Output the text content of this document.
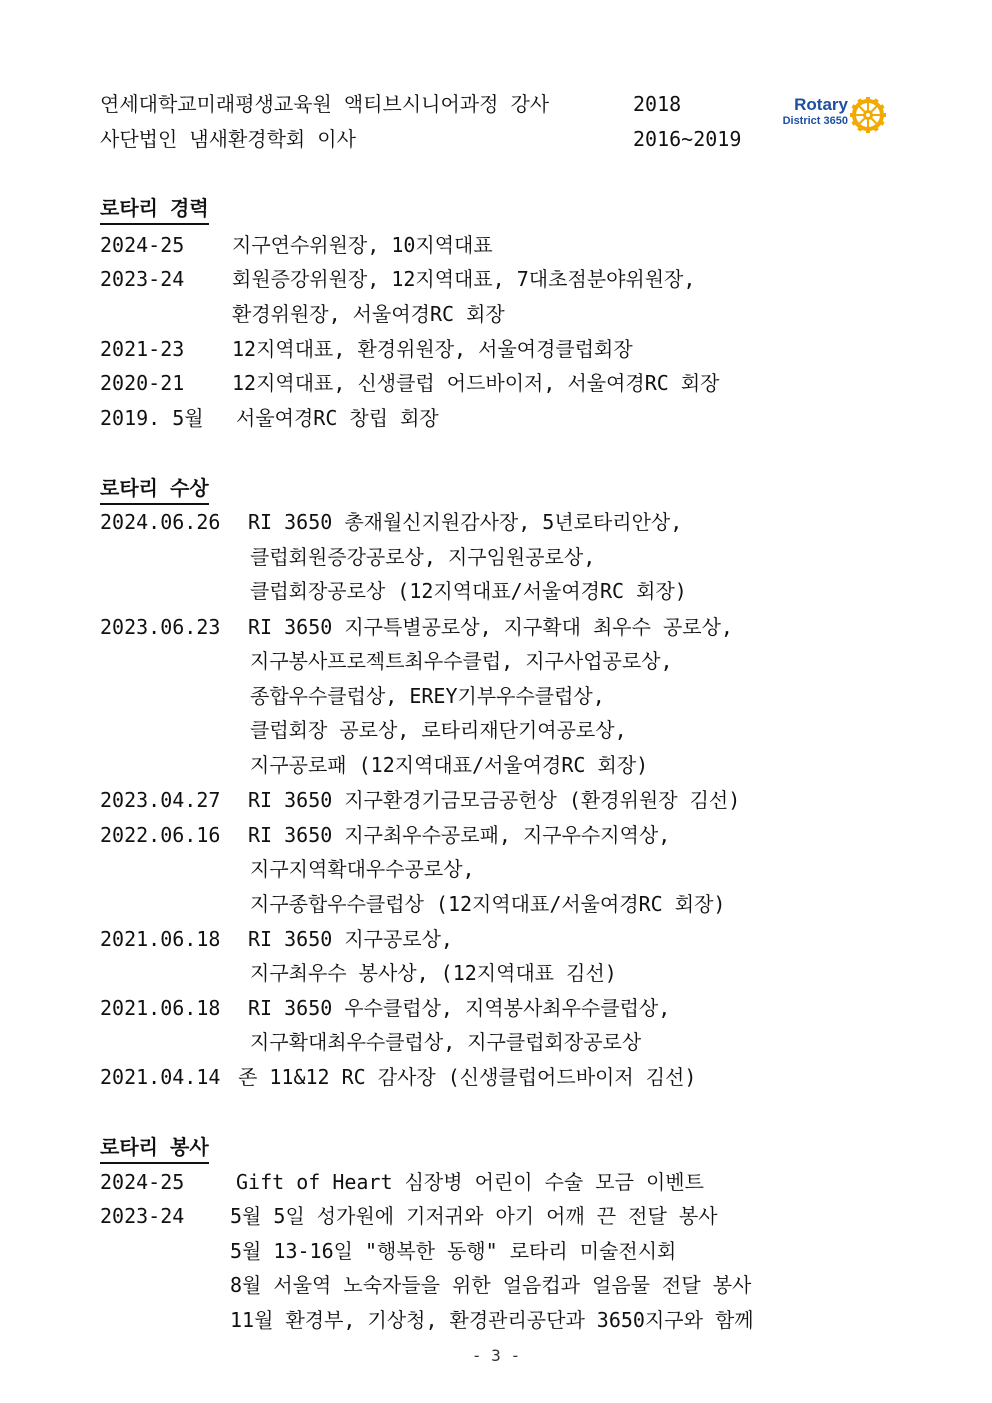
연세대학교미래평생교육원 액티브시니어과정 강사	2018
사단법인 냄새환경학회 이사	2016~2019
Rotary
District 3650
로타리 경력
2024-25 지구연수위원장, 10지역대표
2023-24 회원증강위원장, 12지역대표, 7대초점분야위원장,
환경위원장, 서울여경RC 회장
2021-23 12지역대표, 환경위원장, 서울여경클럽회장
2020-21 12지역대표, 신생클럽 어드바이저, 서울여경RC 회장
2019. 5월 서울여경RC 창립 회장
로타리 수상
2024.06.26 RI 3650 총재월신지원감사장, 5년로타리안상,
클럽회원증강공로상, 지구임원공로상,
클럽회장공로상 (12지역대표/서울여경RC 회장)
2023.06.23 RI 3650 지구특별공로상, 지구확대 최우수 공로상,
지구봉사프로젝트최우수클럽, 지구사업공로상,
종합우수클럽상, EREY기부우수클럽상,
클럽회장 공로상, 로타리재단기여공로상,
지구공로패 (12지역대표/서울여경RC 회장)
2023.04.27 RI 3650 지구환경기금모금공헌상 (환경위원장 김선)
2022.06.16 RI 3650 지구최우수공로패, 지구우수지역상,
지구지역확대우수공로상,
지구종합우수클럽상 (12지역대표/서울여경RC 회장)
2021.06.18 RI 3650 지구공로상,
지구최우수 봉사상, (12지역대표 김선)
2021.06.18 RI 3650 우수클럽상, 지역봉사최우수클럽상,
지구확대최우수클럽상, 지구클럽회장공로상
2021.04.14 존 11&12 RC 감사장 (신생클럽어드바이저 김선)
로타리 봉사
2024-25	Gift of Heart 심장병 어린이 수술 모금 이벤트
2023-24 5월 5일 성가원에 기저귀와 아기 어깨 끈 전달 봉사
5월 13-16일 "행복한 동행" 로타리 미술전시회
8월 서울역 노숙자들을 위한 얼음컵과 얼음물 전달 봉사
11월 환경부, 기상청, 환경관리공단과 3650지구와 함께
- 3 -
